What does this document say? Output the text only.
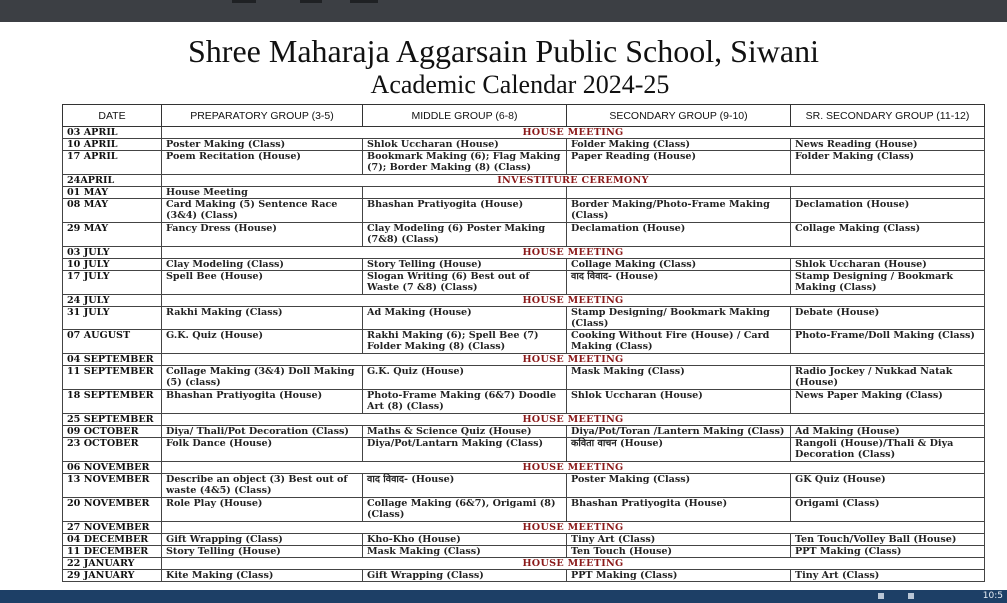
Shree Maharaja Aggarsain Public School, Siwani
Academic Calendar 2024-25
DATE	PREPARATORY GROUP (3-5)	MIDDLE GROUP (6-8)	SECONDARY GROUP (9-10)	SR. SECONDARY GROUP (11-12)
03 APRIL	HOUSE MEETING			
10 APRIL	Poster Making (Class)	Shlok Uccharan (House)	Folder Making (Class)	News Reading (House)
17 APRIL	Poem Recitation (House)	Bookmark Making (6); Flag Making (7); Border Making (8) (Class)	Paper Reading (House)	Folder Making (Class)
24APRIL	INVESTITURE CEREMONY			
01 MAY	House Meeting			
08 MAY	Card Making (5) Sentence Race (3&4) (Class)	Bhashan Pratiyogita (House)	Border Making/Photo-Frame Making (Class)	Declamation (House)
29 MAY	Fancy Dress (House)	Clay Modeling (6) Poster Making (7&8) (Class)	Declamation (House)	Collage Making (Class)
03 JULY	HOUSE MEETING			
10 JULY	Clay Modeling (Class)	Story Telling (House)	Collage Making (Class)	Shlok Uccharan (House)
17 JULY	Spell Bee (House)	Slogan Writing (6) Best out of Waste (7 &8) (Class)	वाद विवाद- (House)	Stamp Designing / Bookmark Making (Class)
24 JULY	HOUSE MEETING			
31 JULY	Rakhi Making (Class)	Ad Making (House)	Stamp Designing/ Bookmark Making (Class)	Debate (House)
07 AUGUST	G.K. Quiz (House)	Rakhi Making (6); Spell Bee (7) Folder Making (8) (Class)	Cooking Without Fire (House) / Card Making (Class)	Photo-Frame/Doll Making (Class)
04 SEPTEMBER	HOUSE MEETING			
11 SEPTEMBER	Collage Making (3&4) Doll Making (5) (class)	G.K. Quiz (House)	Mask Making (Class)	Radio Jockey / Nukkad Natak (House)
18 SEPTEMBER	Bhashan Pratiyogita (House)	Photo-Frame Making (6&7) Doodle Art (8) (Class)	Shlok Uccharan (House)	News Paper Making (Class)
25 SEPTEMBER	HOUSE MEETING			
09 OCTOBER	Diya/ Thali/Pot Decoration (Class)	Maths & Science Quiz (House)	Diya/Pot/Toran /Lantern Making (Class)	Ad Making (House)
23 OCTOBER	Folk Dance (House)	Diya/Pot/Lantarn Making (Class)	कविता वाचन (House)	Rangoli (House)/Thali & Diya Decoration (Class)
06 NOVEMBER	HOUSE MEETING			
13 NOVEMBER	Describe an object (3) Best out of waste (4&5) (Class)	वाद विवाद- (House)	Poster Making (Class)	GK Quiz (House)
20 NOVEMBER	Role Play (House)	Collage Making (6&7), Origami (8) (Class)	Bhashan Pratiyogita (House)	Origami (Class)
27 NOVEMBER	HOUSE MEETING			
04 DECEMBER	Gift Wrapping (Class)	Kho-Kho (House)	Tiny Art (Class)	Ten Touch/Volley Ball (House)
11 DECEMBER	Story Telling (House)	Mask Making (Class)	Ten Touch (House)	PPT Making (Class)
22 JANUARY	HOUSE MEETING			
29 JANUARY	Kite Making (Class)	Gift Wrapping (Class)	PPT Making (Class)	Tiny Art (Class)
10:5
